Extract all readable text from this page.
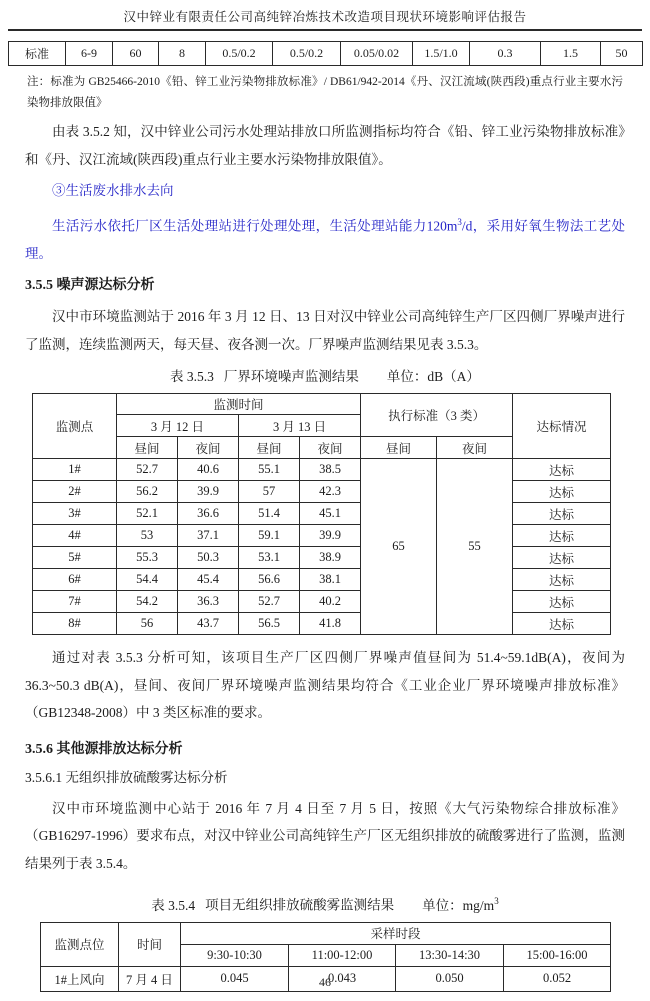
汉中锌业有限责任公司高纯锌冶炼技术改造项目现状环境影响评估报告
标准	6-9	60	8	0.5/0.2	0.5/0.2	0.05/0.02	1.5/1.0	0.3	1.5	50
注：标准为 GB25466-2010《铅、锌工业污染物排放标准》/ DB61/942-2014《丹、汉江流域(陕西段)重点行业主要水污染物排放限值》
由表 3.5.2 知，汉中锌业公司污水处理站排放口所监测指标均符合《铅、锌工业污染物排放标准》和《丹、汉江流域(陕西段)重点行业主要水污染物排放限值》。
③生活废水排水去向
生活污水依托厂区生活处理站进行处理处理，生活处理站能力$120m^3/d$，采用好氧生物法工艺处理。
3.5.5 噪声源达标分析
汉中市环境监测站于 2016 年 3 月 12 日、13 日对汉中锌业公司高纯锌生产厂区四侧厂界噪声进行了监测，连续监测两天，每天昼、夜各测一次。厂界噪声监测结果见表 3.5.3。
表 3.5.3 厂界环境噪声监测结果 单位：dB（A）
监测点	监测时间				执行标准（3 类）		达标情况
	3 月 12 日		3 月 13 日				
	昼间	夜间	昼间	夜间	昼间	夜间	
1#	52.7	40.6	55.1	38.5	65	55	达标
2#	56.2	39.9	57	42.3			达标
3#	52.1	36.6	51.4	45.1			达标
4#	53	37.1	59.1	39.9			达标
5#	55.3	50.3	53.1	38.9			达标
6#	54.4	45.4	56.6	38.1			达标
7#	54.2	36.3	52.7	40.2			达标
8#	56	43.7	56.5	41.8			达标
通过对表 3.5.3 分析可知，该项目生产厂区四侧厂界噪声值昼间为 51.4~59.1dB(A)，夜间为 36.3~50.3 dB(A)，昼间、夜间厂界环境噪声监测结果均符合《工业企业厂界环境噪声排放标准》（GB12348-2008）中 3 类区标准的要求。
3.5.6 其他源排放达标分析
3.5.6.1 无组织排放硫酸雾达标分析
汉中市环境监测中心站于 2016 年 7 月 4 日至 7 月 5 日，按照《大气污染物综合排放标准》（GB16297-1996）要求布点，对汉中锌业公司高纯锌生产厂区无组织排放的硫酸雾进行了监测，监测结果列于表 3.5.4。
表 3.5.4 项目无组织排放硫酸雾监测结果 单位：$mg/m^3$
监测点位	时间	采样时段			
		9:30-10:30	11:00-12:00	13:30-14:30	15:00-16:00
1#上风向	7 月 4 日	0.045	0.043	0.050	0.052
46
